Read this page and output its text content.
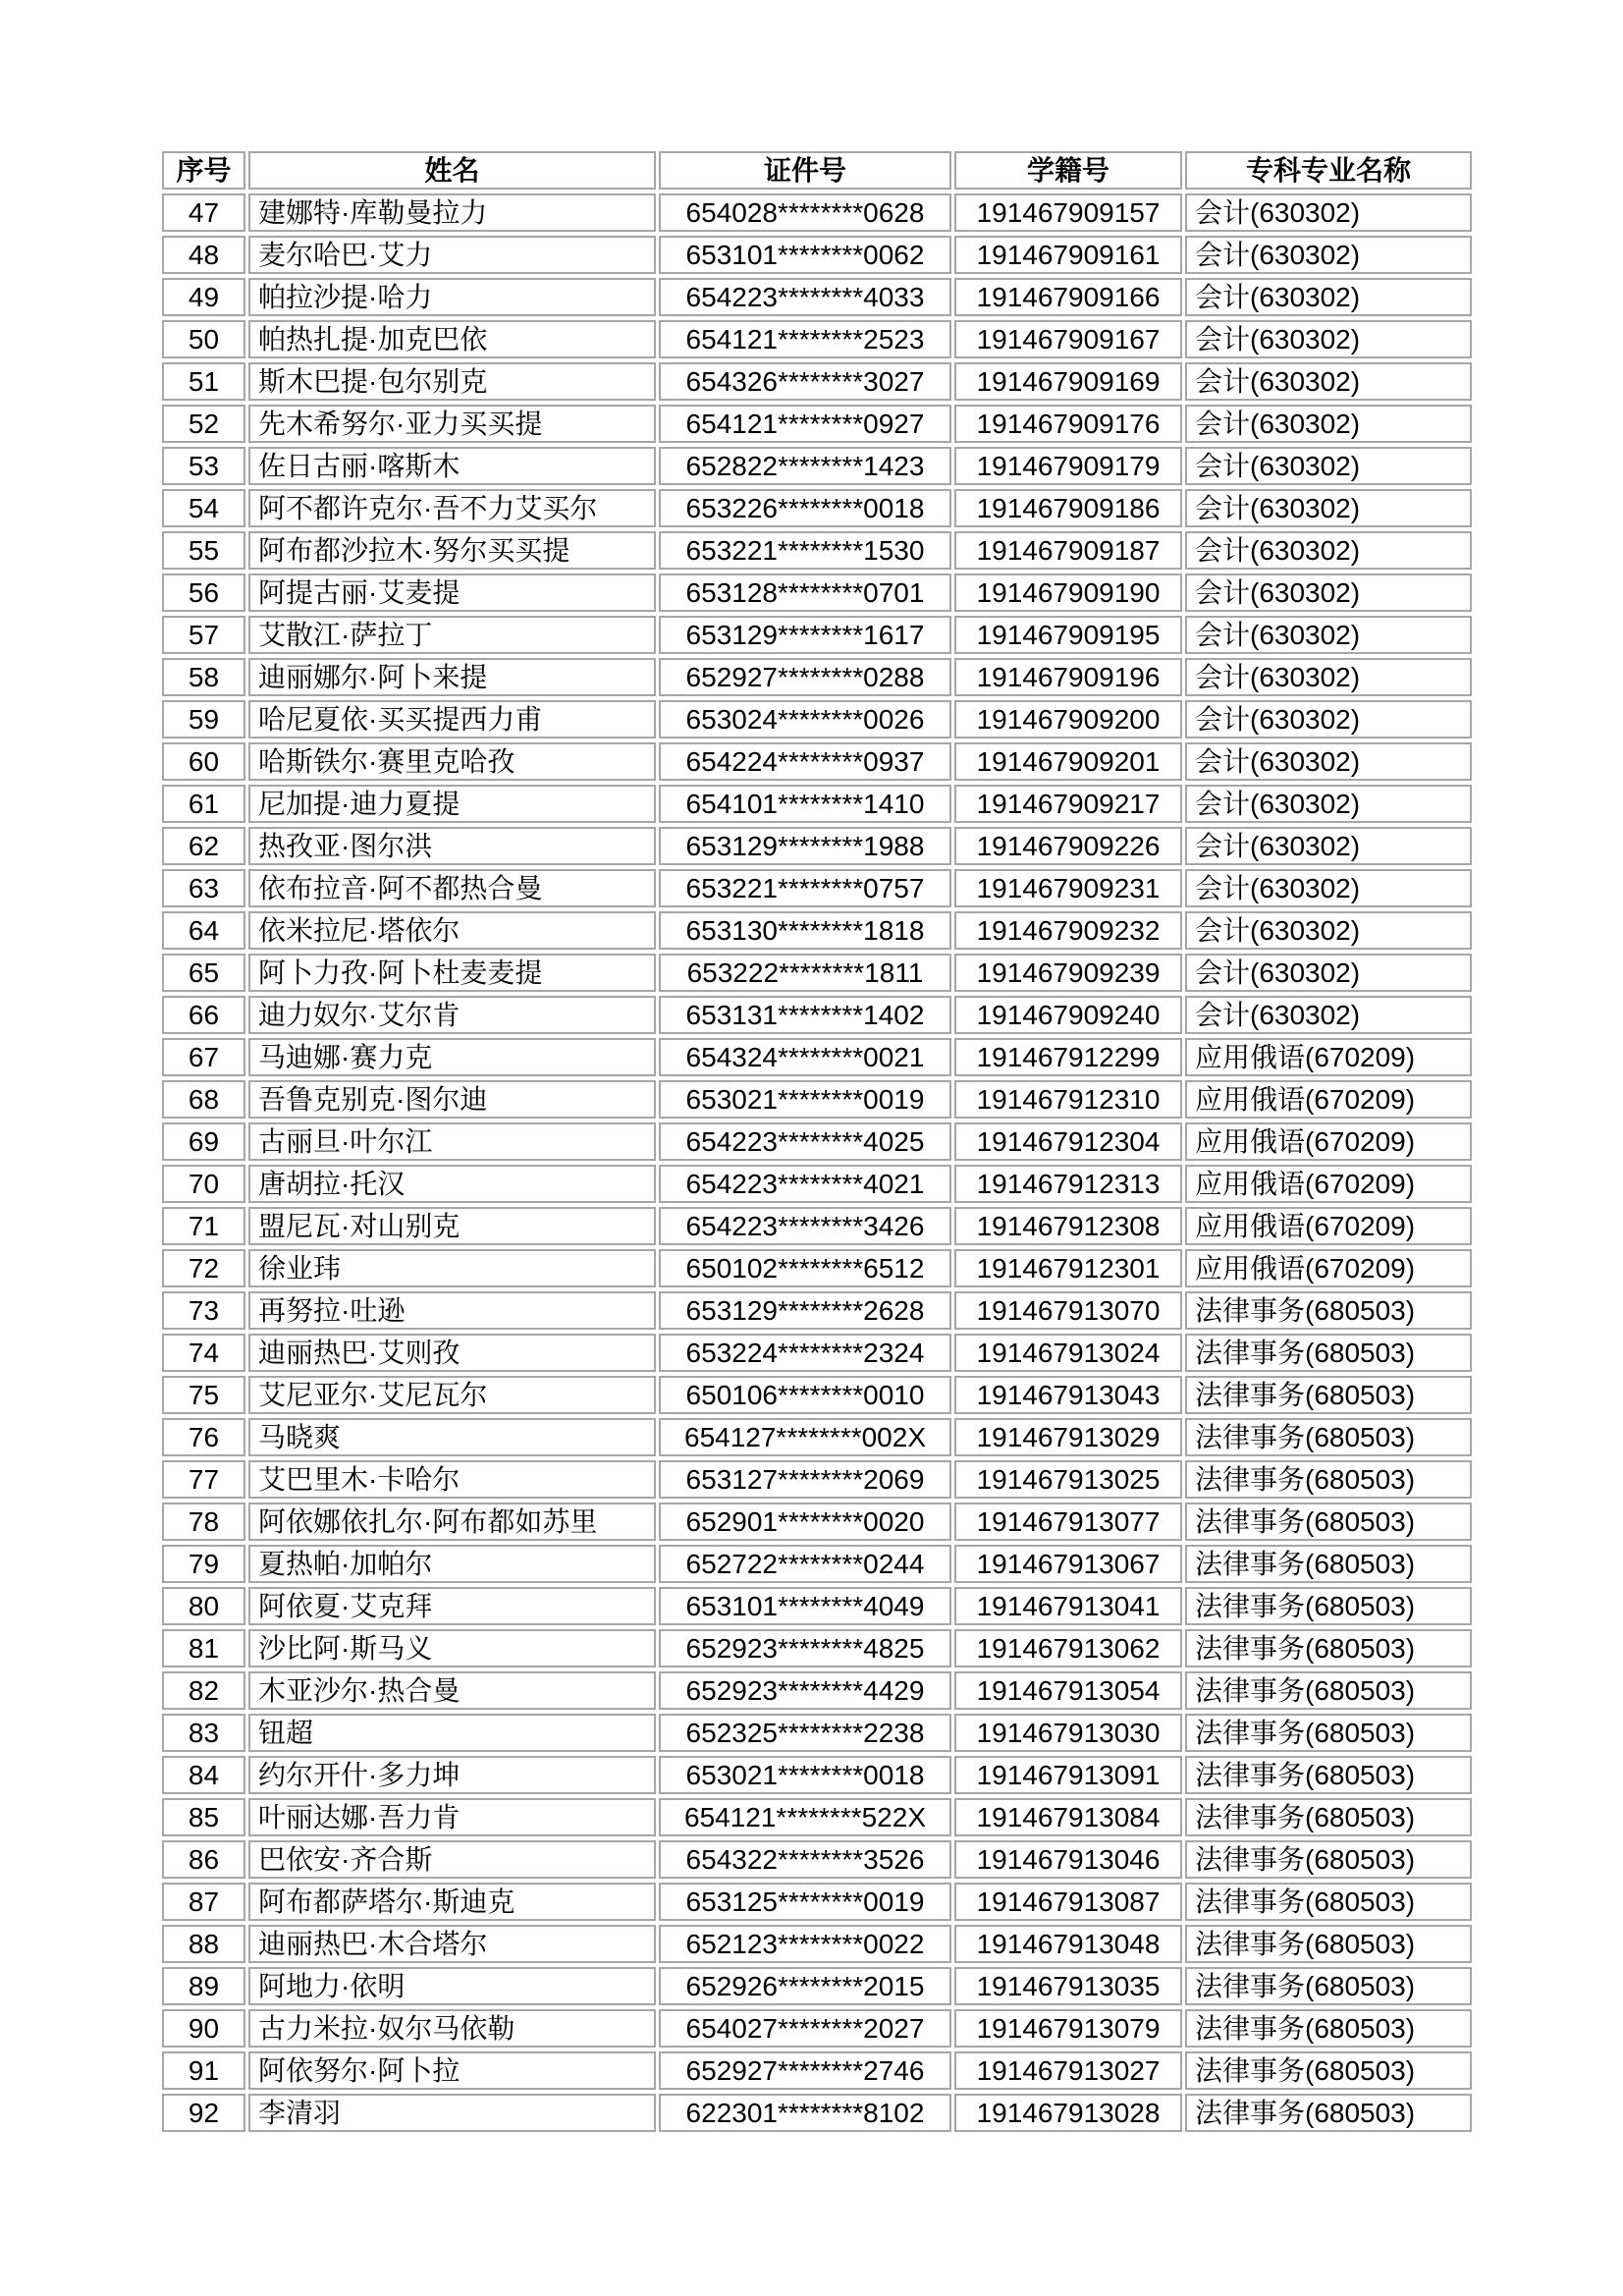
序号	姓名	证件号	学籍号	专科专业名称
47	建娜特·库勒曼拉力	654028********0628	191467909157	会计(630302)
48	麦尔哈巴·艾力	653101********0062	191467909161	会计(630302)
49	帕拉沙提·哈力	654223********4033	191467909166	会计(630302)
50	帕热扎提·加克巴依	654121********2523	191467909167	会计(630302)
51	斯木巴提·包尔别克	654326********3027	191467909169	会计(630302)
52	先木希努尔·亚力买买提	654121********0927	191467909176	会计(630302)
53	佐日古丽·喀斯木	652822********1423	191467909179	会计(630302)
54	阿不都许克尔·吾不力艾买尔	653226********0018	191467909186	会计(630302)
55	阿布都沙拉木·努尔买买提	653221********1530	191467909187	会计(630302)
56	阿提古丽·艾麦提	653128********0701	191467909190	会计(630302)
57	艾散江·萨拉丁	653129********1617	191467909195	会计(630302)
58	迪丽娜尔·阿卜来提	652927********0288	191467909196	会计(630302)
59	哈尼夏依·买买提西力甫	653024********0026	191467909200	会计(630302)
60	哈斯铁尔·赛里克哈孜	654224********0937	191467909201	会计(630302)
61	尼加提·迪力夏提	654101********1410	191467909217	会计(630302)
62	热孜亚·图尔洪	653129********1988	191467909226	会计(630302)
63	依布拉音·阿不都热合曼	653221********0757	191467909231	会计(630302)
64	依米拉尼·塔依尔	653130********1818	191467909232	会计(630302)
65	阿卜力孜·阿卜杜麦麦提	653222********1811	191467909239	会计(630302)
66	迪力奴尔·艾尔肯	653131********1402	191467909240	会计(630302)
67	马迪娜·赛力克	654324********0021	191467912299	应用俄语(670209)
68	吾鲁克别克·图尔迪	653021********0019	191467912310	应用俄语(670209)
69	古丽旦·叶尔江	654223********4025	191467912304	应用俄语(670209)
70	唐胡拉·托汉	654223********4021	191467912313	应用俄语(670209)
71	盟尼瓦·对山别克	654223********3426	191467912308	应用俄语(670209)
72	徐业玮	650102********6512	191467912301	应用俄语(670209)
73	再努拉·吐逊	653129********2628	191467913070	法律事务(680503)
74	迪丽热巴·艾则孜	653224********2324	191467913024	法律事务(680503)
75	艾尼亚尔·艾尼瓦尔	650106********0010	191467913043	法律事务(680503)
76	马晓爽	654127********002X	191467913029	法律事务(680503)
77	艾巴里木·卡哈尔	653127********2069	191467913025	法律事务(680503)
78	阿依娜依扎尔·阿布都如苏里	652901********0020	191467913077	法律事务(680503)
79	夏热帕·加帕尔	652722********0244	191467913067	法律事务(680503)
80	阿依夏·艾克拜	653101********4049	191467913041	法律事务(680503)
81	沙比阿·斯马义	652923********4825	191467913062	法律事务(680503)
82	木亚沙尔·热合曼	652923********4429	191467913054	法律事务(680503)
83	钮超	652325********2238	191467913030	法律事务(680503)
84	约尔开什·多力坤	653021********0018	191467913091	法律事务(680503)
85	叶丽达娜·吾力肯	654121********522X	191467913084	法律事务(680503)
86	巴依安·齐合斯	654322********3526	191467913046	法律事务(680503)
87	阿布都萨塔尔·斯迪克	653125********0019	191467913087	法律事务(680503)
88	迪丽热巴·木合塔尔	652123********0022	191467913048	法律事务(680503)
89	阿地力·依明	652926********2015	191467913035	法律事务(680503)
90	古力米拉·奴尔马依勒	654027********2027	191467913079	法律事务(680503)
91	阿依努尔·阿卜拉	652927********2746	191467913027	法律事务(680503)
92	李清羽	622301********8102	191467913028	法律事务(680503)
